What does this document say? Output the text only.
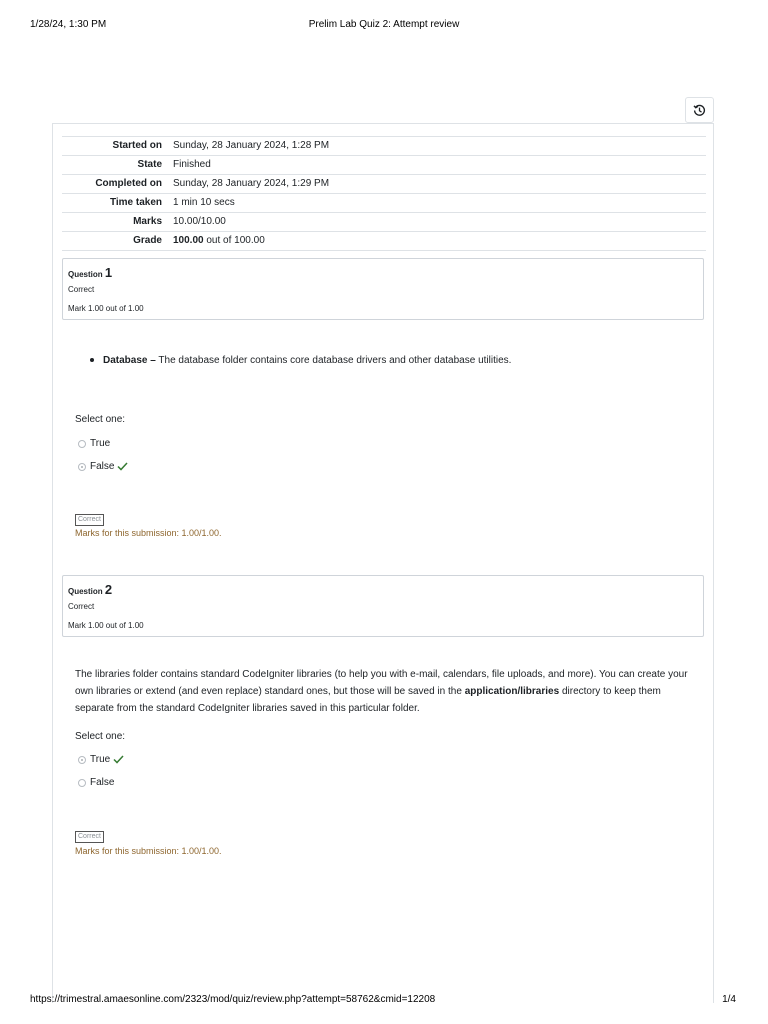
1/28/24, 1:30 PM	Prelim Lab Quiz 2: Attempt review
Started on	Sunday, 28 January 2024, 1:28 PM
State	Finished
Completed on	Sunday, 28 January 2024, 1:29 PM
Time taken	1 min 10 secs
Marks	10.00/10.00
Grade	100.00 out of 100.00
Question 1
Correct
Mark 1.00 out of 1.00
Database – The database folder contains core database drivers and other database utilities.
Select one:
True
False
Correct
Marks for this submission: 1.00/1.00.
Question 2
Correct
Mark 1.00 out of 1.00
The libraries folder contains standard CodeIgniter libraries (to help you with e-mail, calendars, file uploads, and more). You can create your own libraries or extend (and even replace) standard ones, but those will be saved in the application/libraries directory to keep them separate from the standard CodeIgniter libraries saved in this particular folder.
Select one:
True
False
Correct
Marks for this submission: 1.00/1.00.
https://trimestral.amaesonline.com/2323/mod/quiz/review.php?attempt=58762&cmid=12208	1/4
